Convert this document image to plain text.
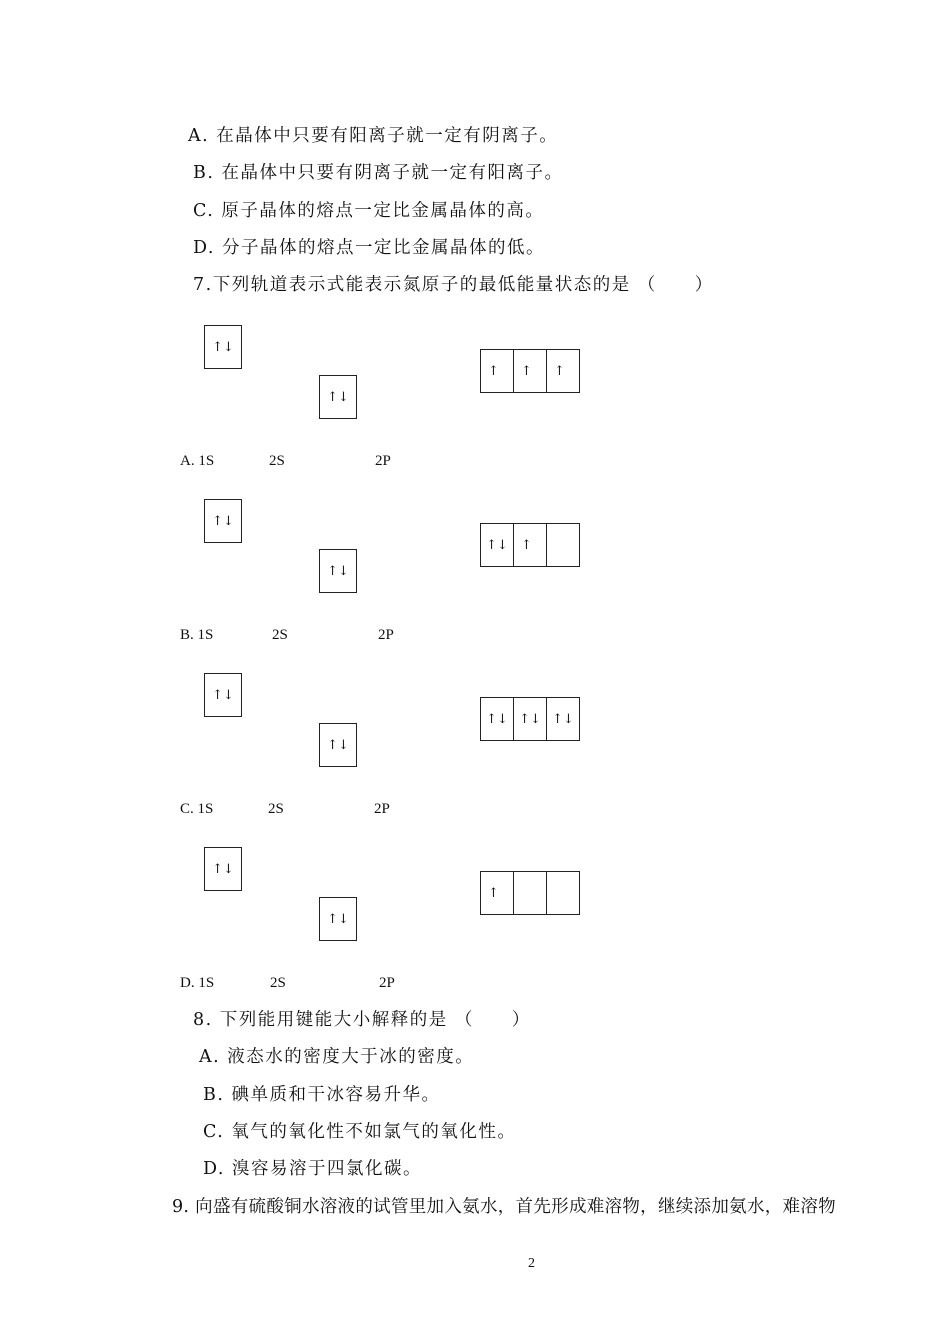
A. 在晶体中只要有阳离子就一定有阴离子。
B. 在晶体中只要有阴离子就一定有阳离子。
C. 原子晶体的熔点一定比金属晶体的高。
D. 分子晶体的熔点一定比金属晶体的低。
7.下列轨道表示式能表示氮原子的最低能量状态的是 （　　）
↑↓
↑↓
↑	↑	↑
A. 1S	2S	2P
↑↓
↑↓
↑↓	↑
B. 1S	2S	2P
↑↓
↑↓
↑↓ ↑↓ ↑↓
C. 1S	2S	2P
↑↓
↑↓
↑
D. 1S	2S	2P
8. 下列能用键能大小解释的是 （　　）
A. 液态水的密度大于冰的密度。
B. 碘单质和干冰容易升华。
C. 氧气的氧化性不如氯气的氧化性。
D. 溴容易溶于四氯化碳。
9. 向盛有硫酸铜水溶液的试管里加入氨水，首先形成难溶物，继续添加氨水，难溶物
2
